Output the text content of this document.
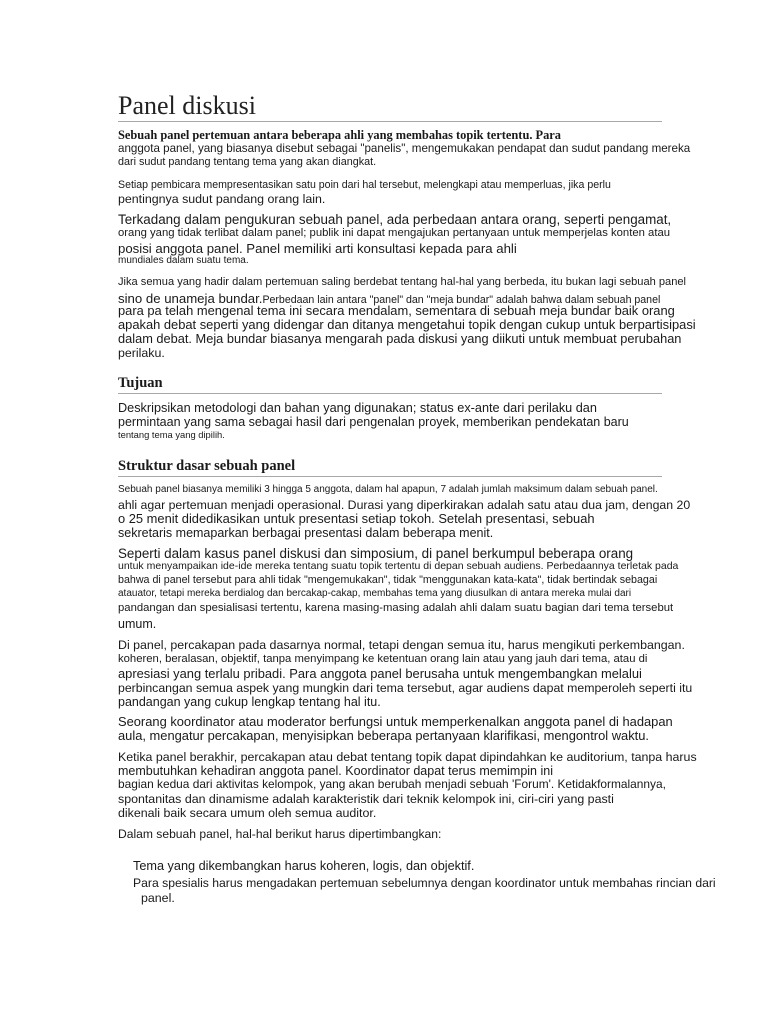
Panel diskusi
Sebuah panel pertemuan antara beberapa ahli yang membahas topik tertentu. Para
anggota panel, yang biasanya disebut sebagai "panelis", mengemukakan pendapat dan sudut pandang mereka
dari sudut pandang tentang tema yang akan diangkat.
Setiap pembicara mempresentasikan satu poin dari hal tersebut, melengkapi atau memperluas, jika perlu
pentingnya sudut pandang orang lain.
Terkadang dalam pengukuran sebuah panel, ada perbedaan antara orang, seperti pengamat,
orang yang tidak terlibat dalam panel; publik ini dapat mengajukan pertanyaan untuk memperjelas konten atau
posisi anggota panel. Panel memiliki arti konsultasi kepada para ahli
mundiales dalam suatu tema.
Jika semua yang hadir dalam pertemuan saling berdebat tentang hal-hal yang berbeda, itu bukan lagi sebuah panel
sino de unameja bundar.Perbedaan lain antara "panel" dan "meja bundar" adalah bahwa dalam sebuah panel
para pa telah mengenal tema ini secara mendalam, sementara di sebuah meja bundar baik orang
apakah debat seperti yang didengar dan ditanya mengetahui topik dengan cukup untuk berpartisipasi
dalam debat. Meja bundar biasanya mengarah pada diskusi yang diikuti untuk membuat perubahan
perilaku.
Tujuan
Deskripsikan metodologi dan bahan yang digunakan; status ex-ante dari perilaku dan
permintaan yang sama sebagai hasil dari pengenalan proyek, memberikan pendekatan baru
tentang tema yang dipilih.
Struktur dasar sebuah panel
Sebuah panel biasanya memiliki 3 hingga 5 anggota, dalam hal apapun, 7 adalah jumlah maksimum dalam sebuah panel.
ahli agar pertemuan menjadi operasional. Durasi yang diperkirakan adalah satu atau dua jam, dengan 20
o 25 menit didedikasikan untuk presentasi setiap tokoh. Setelah presentasi, sebuah
sekretaris memaparkan berbagai presentasi dalam beberapa menit.
Seperti dalam kasus panel diskusi dan simposium, di panel berkumpul beberapa orang
untuk menyampaikan ide-ide mereka tentang suatu topik tertentu di depan sebuah audiens. Perbedaannya terletak pada
bahwa di panel tersebut para ahli tidak "mengemukakan", tidak "menggunakan kata-kata", tidak bertindak sebagai
atauator, tetapi mereka berdialog dan bercakap-cakap, membahas tema yang diusulkan di antara mereka mulai dari
pandangan dan spesialisasi tertentu, karena masing-masing adalah ahli dalam suatu bagian dari tema tersebut
umum.
Di panel, percakapan pada dasarnya normal, tetapi dengan semua itu, harus mengikuti perkembangan.
koheren, beralasan, objektif, tanpa menyimpang ke ketentuan orang lain atau yang jauh dari tema, atau di
apresiasi yang terlalu pribadi. Para anggota panel berusaha untuk mengembangkan melalui
perbincangan semua aspek yang mungkin dari tema tersebut, agar audiens dapat memperoleh seperti itu
pandangan yang cukup lengkap tentang hal itu.
Seorang koordinator atau moderator berfungsi untuk memperkenalkan anggota panel di hadapan
aula, mengatur percakapan, menyisipkan beberapa pertanyaan klarifikasi, mengontrol waktu.
Ketika panel berakhir, percakapan atau debat tentang topik dapat dipindahkan ke auditorium, tanpa harus
membutuhkan kehadiran anggota panel. Koordinator dapat terus memimpin ini
bagian kedua dari aktivitas kelompok, yang akan berubah menjadi sebuah 'Forum'. Ketidakformalannya,
spontanitas dan dinamisme adalah karakteristik dari teknik kelompok ini, ciri-ciri yang pasti
dikenali baik secara umum oleh semua auditor.
Dalam sebuah panel, hal-hal berikut harus dipertimbangkan:
Tema yang dikembangkan harus koheren, logis, dan objektif.
Para spesialis harus mengadakan pertemuan sebelumnya dengan koordinator untuk membahas rincian dari
panel.
